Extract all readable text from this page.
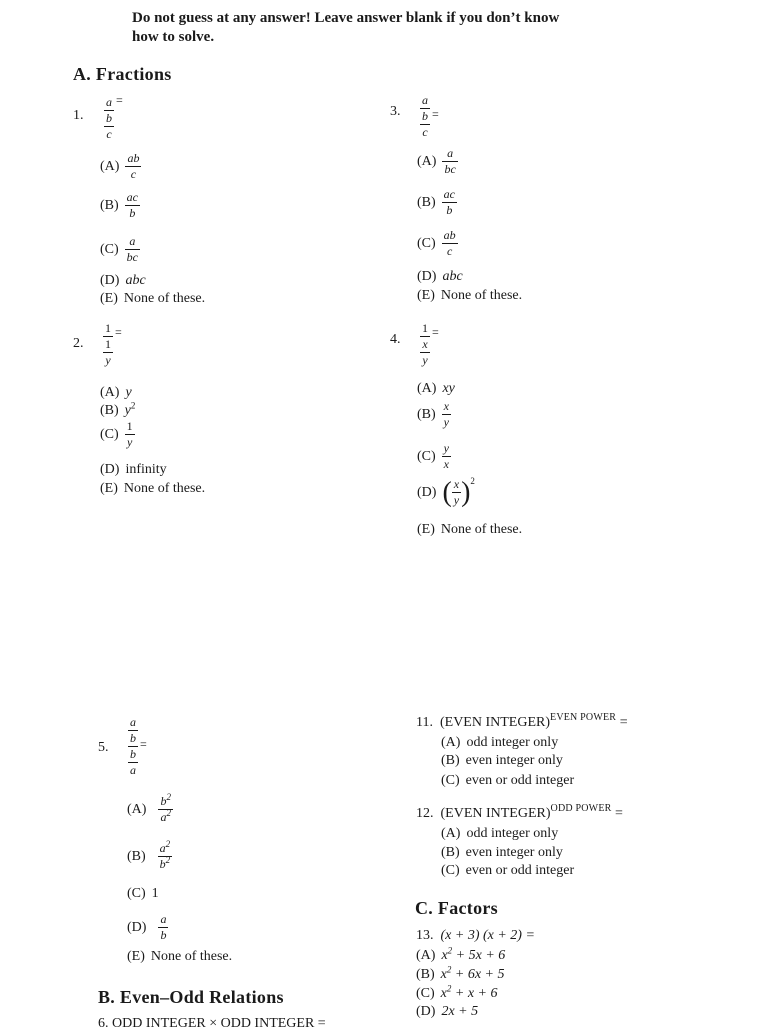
Do not guess at any answer! Leave answer blank if you don’t know
how to solve.
A. Fractions
1.
a
b
c
=
$(A) \frac{ab}{c}$
$(B) \frac{ac}{b}$
$(C) \frac{a}{bc}$
(D) abc
(E) None of these.
3.
a
b
c
=
$(A) \frac{a}{bc}$
$(B) \frac{ac}{b}$
$(C) \frac{ab}{c}$
(D) abc
(E) None of these.
2.
1
1
y
=
(A) y
(B) $y^2$
$(C) \frac{1}{y}$
(D) infinity
(E) None of these.
4.
1
x
y
=
(A) xy
$(B) \frac{x}{y}$
$(C) \frac{y}{x}$
(D) ( $\frac{x}{y}$ ) 2
(E) None of these.
5.
a
b
b
a
=
$(A) \frac{b^2}{a^2}$
$(B) \frac{a^2}{b^2}$
(C) 1
$(D) \frac{a}{b}$
(E) None of these.
B. Even–Odd Relations
6. ODD INTEGER × ODD INTEGER =
11. (EVEN INTEGER)$^{EVEN POWER}$ =
(A) odd integer only
(B) even integer only
(C) even or odd integer
12. (EVEN INTEGER)$^{ODD POWER}$ =
(A) odd integer only
(B) even integer only
(C) even or odd integer
C. Factors
13. (x + 3) (x + 2) =
(A) $x^2 + 5x + 6$
(B) $x^2 + 6x + 5$
(C) $x^2 + x + 6$
(D) 2x + 5
